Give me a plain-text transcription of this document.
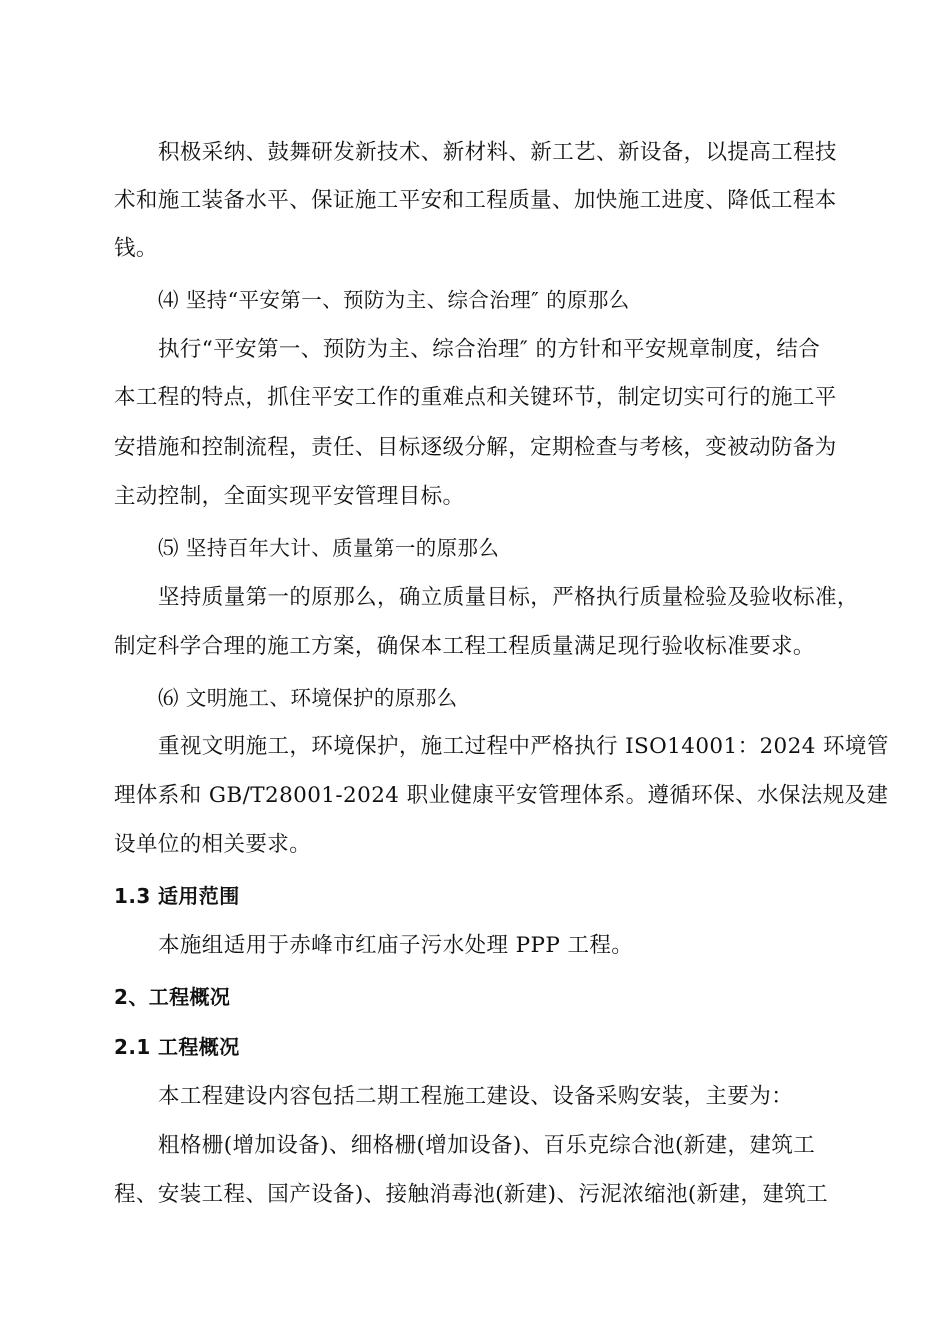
积极采纳、鼓舞研发新技术、新材料、新工艺、新设备，以提高工程技
术和施工装备水平、保证施工平安和工程质量、加快施工进度、降低工程本
钱。
⑷ 坚持“平安第一、预防为主、综合治理″ 的原那么
执行“平安第一、预防为主、综合治理″ 的方针和平安规章制度，结合
本工程的特点，抓住平安工作的重难点和关键环节，制定切实可行的施工平
安措施和控制流程，责任、目标逐级分解，定期检查与考核，变被动防备为
主动控制，全面实现平安管理目标。
⑸ 坚持百年大计、质量第一的原那么
坚持质量第一的原那么，确立质量目标，严格执行质量检验及验收标准，
制定科学合理的施工方案，确保本工程工程质量满足现行验收标准要求。
⑹ 文明施工、环境保护的原那么
重视文明施工，环境保护，施工过程中严格执行 ISO14001：2024 环境管
理体系和 GB/T28001-2024 职业健康平安管理体系。遵循环保、水保法规及建
设单位的相关要求。
1.3 适用范围
本施组适用于赤峰市红庙子污水处理 PPP 工程。
2、工程概况
2.1 工程概况
本工程建设内容包括二期工程施工建设、设备采购安装，主要为：
粗格栅(增加设备)、细格栅(增加设备)、百乐克综合池(新建，建筑工
程、安装工程、国产设备)、接触消毒池(新建)、污泥浓缩池(新建，建筑工
